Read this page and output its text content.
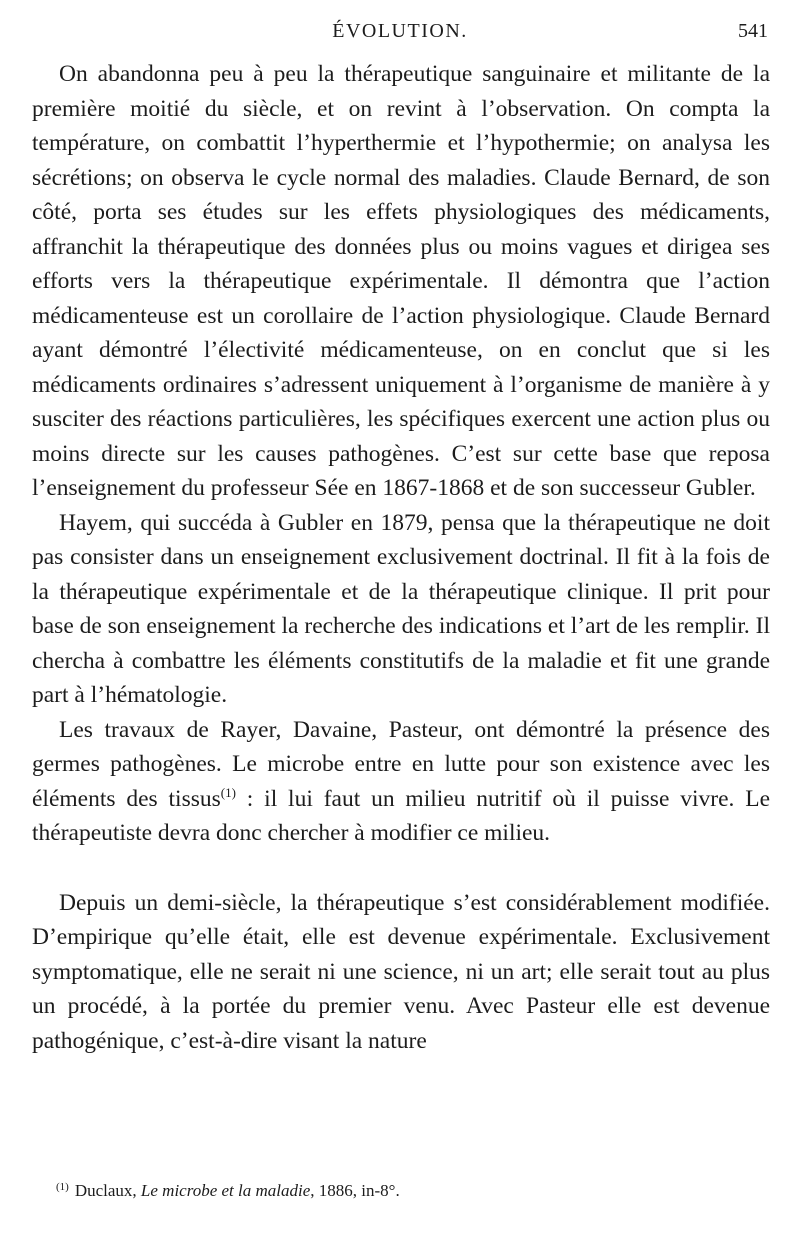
ÉVOLUTION.	541

On abandonna peu à peu la thérapeutique sanguinaire et militante de la première moitié du siècle, et on revint à l’observation. On compta la température, on combattit l’hyperthermie et l’hypothermie; on analysa les sécrétions; on observa le cycle normal des maladies. Claude Bernard, de son côté, porta ses études sur les effets physiologiques des médicaments, affranchit la thérapeutique des données plus ou moins vagues et dirigea ses efforts vers la thérapeutique expérimentale. Il démontra que l’action médicamenteuse est un corollaire de l’action physiologique. Claude Bernard ayant démontré l’électivité médicamenteuse, on en conclut que si les médicaments ordinaires s’adressent uniquement à l’organisme de manière à y susciter des réactions particulières, les spécifiques exercent une action plus ou moins directe sur les causes pathogènes. C’est sur cette base que reposa l’enseignement du professeur Sée en 1867-1868 et de son successeur Gubler.

Hayem, qui succéda à Gubler en 1879, pensa que la thérapeutique ne doit pas consister dans un enseignement exclusivement doctrinal. Il fit à la fois de la thérapeutique expérimentale et de la thérapeutique clinique. Il prit pour base de son enseignement la recherche des indications et l’art de les remplir. Il chercha à combattre les éléments constitutifs de la maladie et fit une grande part à l’hématologie.

Les travaux de Rayer, Davaine, Pasteur, ont démontré la présence des germes pathogènes. Le microbe entre en lutte pour son existence avec les éléments des tissus$^{(1)}$ : il lui faut un milieu nutritif où il puisse vivre. Le thérapeutiste devra donc chercher à modifier ce milieu.

Depuis un demi-siècle, la thérapeutique s’est considérablement modifiée. D’empirique qu’elle était, elle est devenue expérimentale. Exclusivement symptomatique, elle ne serait ni une science, ni un art; elle serait tout au plus un procédé, à la portée du premier venu. Avec Pasteur elle est devenue pathogénique, c’est-à-dire visant la nature

$^{(1)}$ Duclaux, Le microbe et la maladie, 1886, in-8°.
